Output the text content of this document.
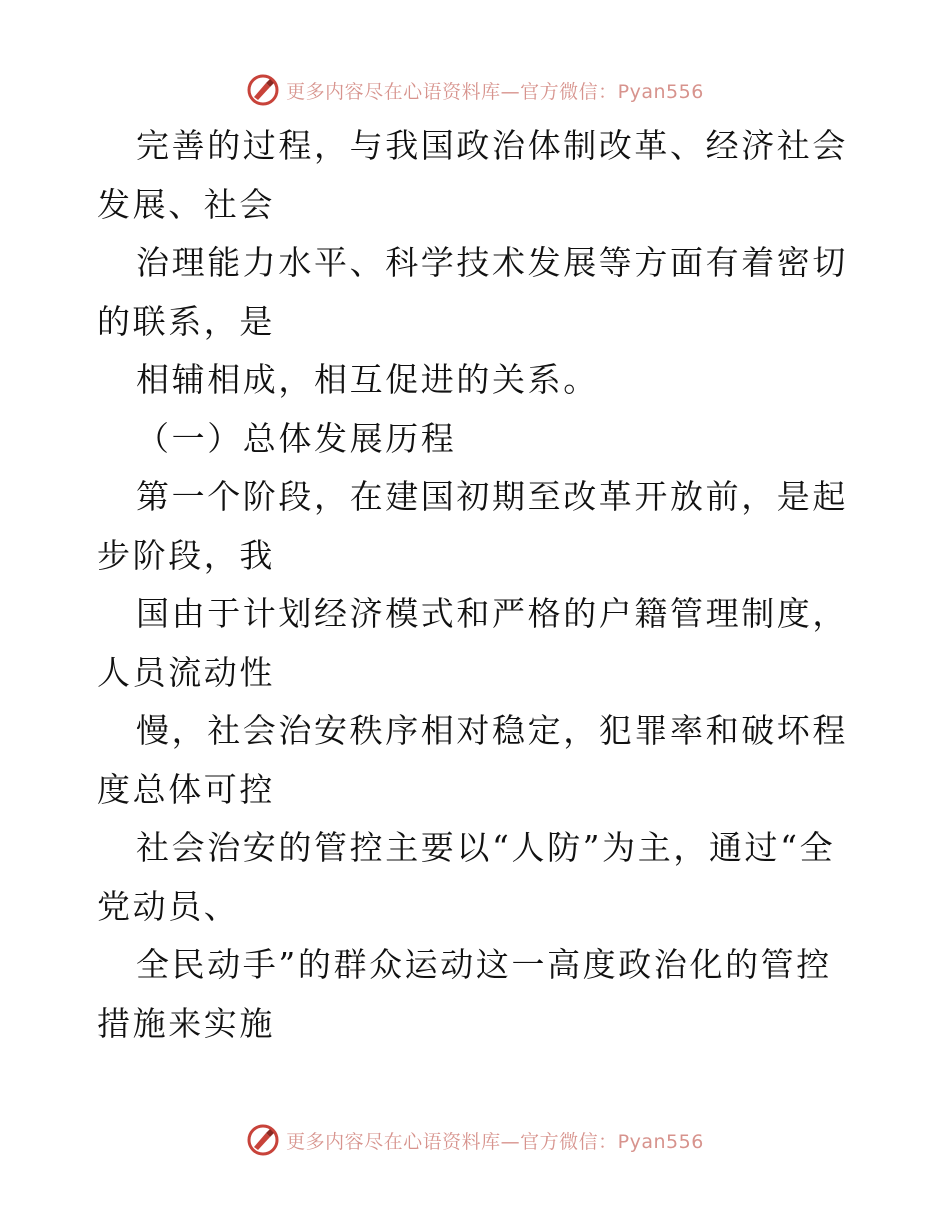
更多内容尽在心语资料库—官方微信：Pyan556

完善的过程，与我国政治体制改革、经济社会发展、社会

治理能力水平、科学技术发展等方面有着密切的联系，是

相辅相成，相互促进的关系。

（一）总体发展历程

第一个阶段，在建国初期至改革开放前，是起步阶段，我

国由于计划经济模式和严格的户籍管理制度，人员流动性

慢，社会治安秩序相对稳定，犯罪率和破坏程度总体可控

社会治安的管控主要以“人防”为主，通过“全党动员、

全民动手”的群众运动这一高度政治化的管控措施来实施

更多内容尽在心语资料库—官方微信：Pyan556
